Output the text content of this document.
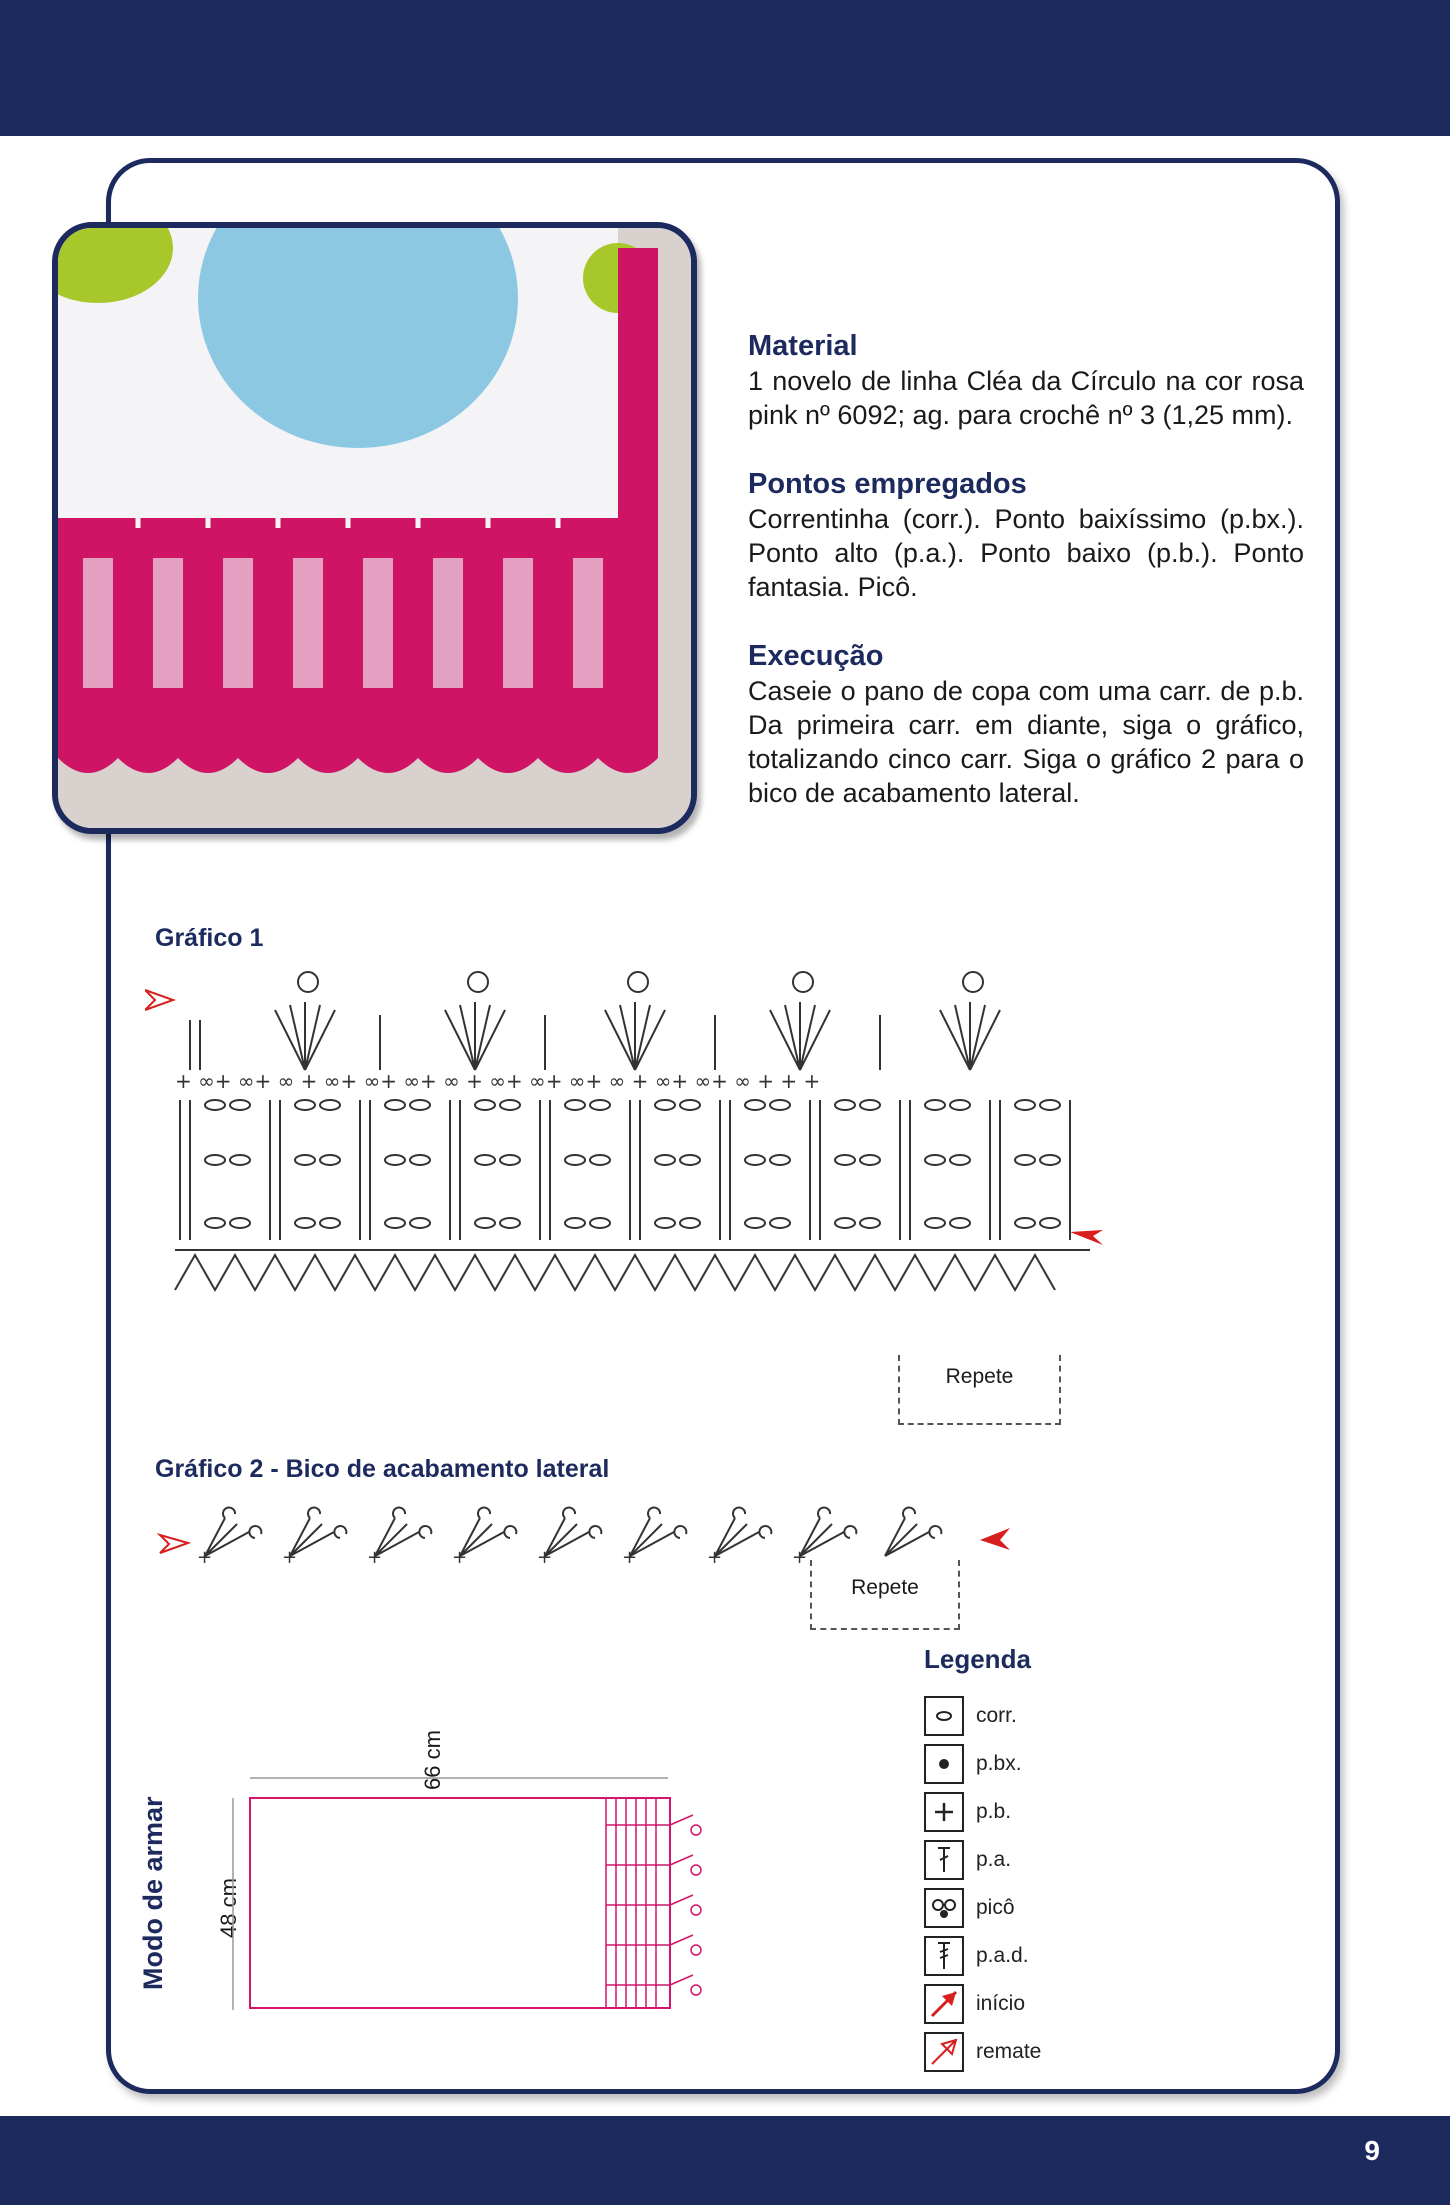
Material

1 novelo de linha Cléa da Círculo na cor rosa pink nº 6092; ag. para crochê nº 3 (1,25 mm).

Pontos empregados

Correntinha (corr.). Ponto baixíssimo (p.bx.). Ponto alto (p.a.). Ponto baixo (p.b.). Ponto fantasia. Picô.

Execução

Caseie o pano de copa com uma carr. de p.b. Da primeira carr. em diante, siga o gráfico, totalizando cinco carr. Siga o gráfico 2 para o bico de acabamento lateral.

Gráfico 1
+ ∞+ ∞+ ∞ + ∞+ ∞+ ∞+ ∞ + ∞+ ∞+ ∞+ ∞ + ∞+ ∞+ ∞ + + +
Repete
Gráfico 2 - Bico de acabamento lateral
+	+	+	+	+	+	+	+
Repete
Legenda
corr.
p.bx.
p.b.
p.a.
picô
p.a.d.
início
remate
Modo de armar
66 cm
48 cm
9
